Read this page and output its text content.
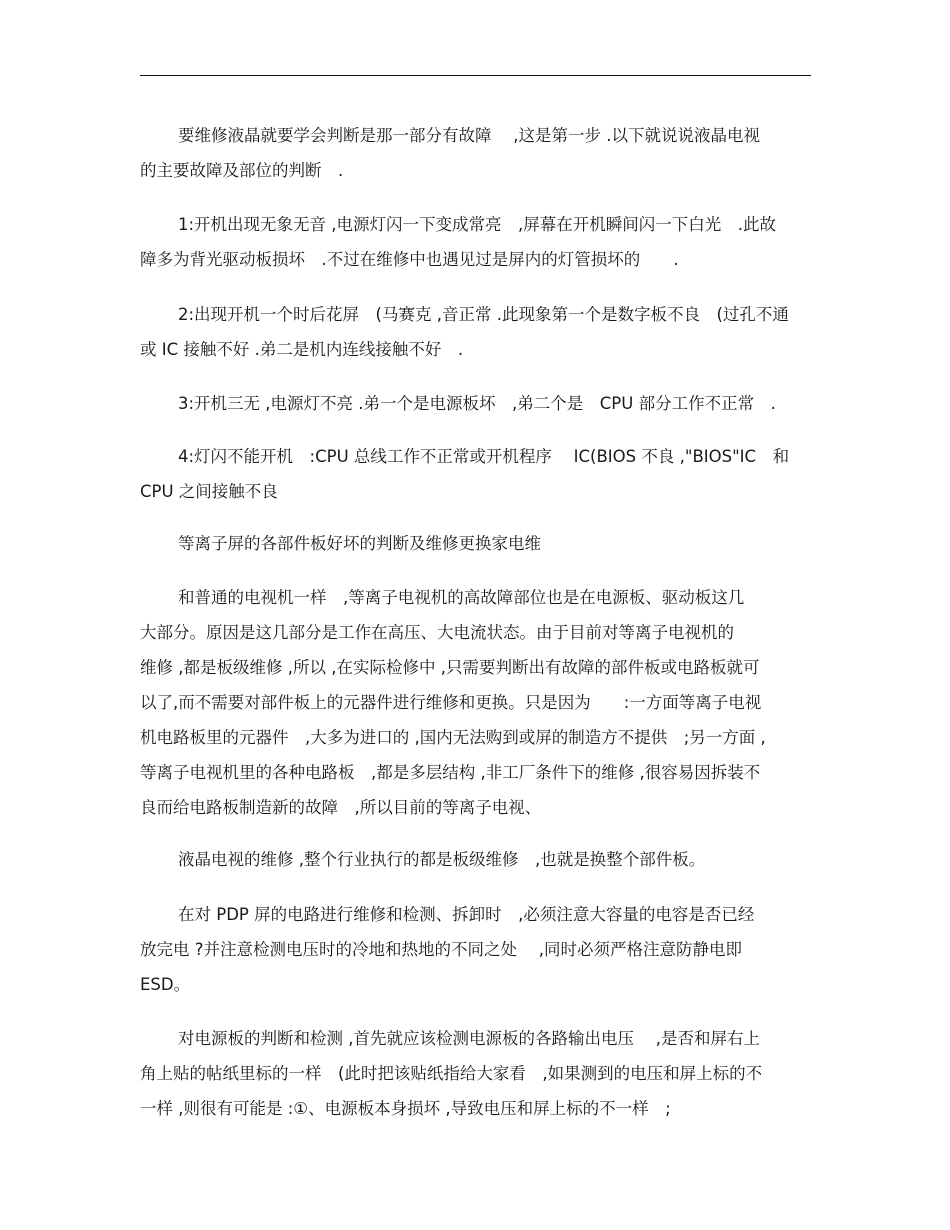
要维修液晶就要学会判断是那一部分有故障　 ,这是第一步 .以下就说说液晶电视
的主要故障及部位的判断　.
1:开机出现无象无音 ,电源灯闪一下变成常亮　,屏幕在开机瞬间闪一下白光　.此故
障多为背光驱动板损坏　.不过在维修中也遇见过是屏内的灯管损坏的　　.
2:出现开机一个时后花屏　(马赛克 ,音正常 .此现象第一个是数字板不良　(过孔不通
或 IC 接触不好 .弟二是机内连线接触不好　.
3:开机三无 ,电源灯不亮 .弟一个是电源板坏　,弟二个是　CPU 部分工作不正常　.
4:灯闪不能开机　:CPU 总线工作不正常或开机程序　 IC(BIOS 不良 ,"BIOS"IC　和
CPU 之间接触不良
等离子屏的各部件板好坏的判断及维修更换家电维
和普通的电视机一样　,等离子电视机的高故障部位也是在电源板、驱动板这几
大部分。原因是这几部分是工作在高压、大电流状态。由于目前对等离子电视机的
维修 ,都是板级维修 ,所以 ,在实际检修中 ,只需要判断出有故障的部件板或电路板就可
以了,而不需要对部件板上的元器件进行维修和更换。只是因为　　:一方面等离子电视
机电路板里的元器件　,大多为进口的 ,国内无法购到或屏的制造方不提供　;另一方面 ,
等离子电视机里的各种电路板　,都是多层结构 ,非工厂条件下的维修 ,很容易因拆装不
良而给电路板制造新的故障　,所以目前的等离子电视、
液晶电视的维修 ,整个行业执行的都是板级维修　,也就是换整个部件板。
在对 PDP 屏的电路进行维修和检测、拆卸时　,必须注意大容量的电容是否已经
放完电 ?并注意检测电压时的冷地和热地的不同之处　 ,同时必须严格注意防静电即
ESD。
对电源板的判断和检测 ,首先就应该检测电源板的各路输出电压　 ,是否和屏右上
角上贴的帖纸里标的一样　(此时把该贴纸指给大家看　,如果测到的电压和屏上标的不
一样 ,则很有可能是 :①、电源板本身损坏 ,导致电压和屏上标的不一样　;
